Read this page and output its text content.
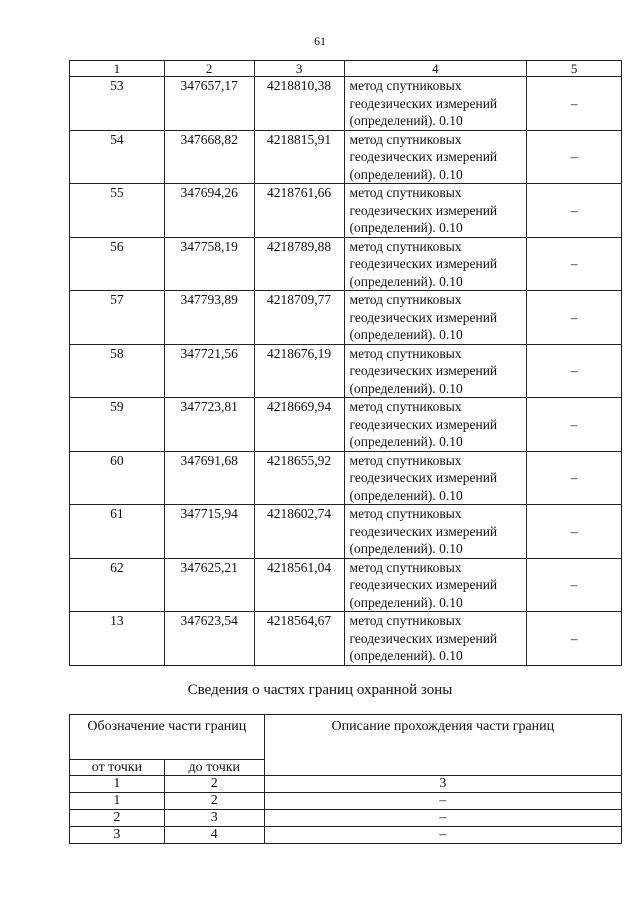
61
1	2	3	4	5
53	347657,17	4218810,38	метод спутниковых геодезических измерений (определений). 0.10	–
54	347668,82	4218815,91	метод спутниковых геодезических измерений (определений). 0.10	–
55	347694,26	4218761,66	метод спутниковых геодезических измерений (определений). 0.10	–
56	347758,19	4218789,88	метод спутниковых геодезических измерений (определений). 0.10	–
57	347793,89	4218709,77	метод спутниковых геодезических измерений (определений). 0.10	–
58	347721,56	4218676,19	метод спутниковых геодезических измерений (определений). 0.10	–
59	347723,81	4218669,94	метод спутниковых геодезических измерений (определений). 0.10	–
60	347691,68	4218655,92	метод спутниковых геодезических измерений (определений). 0.10	–
61	347715,94	4218602,74	метод спутниковых геодезических измерений (определений). 0.10	–
62	347625,21	4218561,04	метод спутниковых геодезических измерений (определений). 0.10	–
13	347623,54	4218564,67	метод спутниковых геодезических измерений (определений). 0.10	–
Сведения о частях границ охранной зоны
Обозначение части границ		Описание прохождения части границ
от точки	до точки	
1	2	3
1	2	–
2	3	–
3	4	–
